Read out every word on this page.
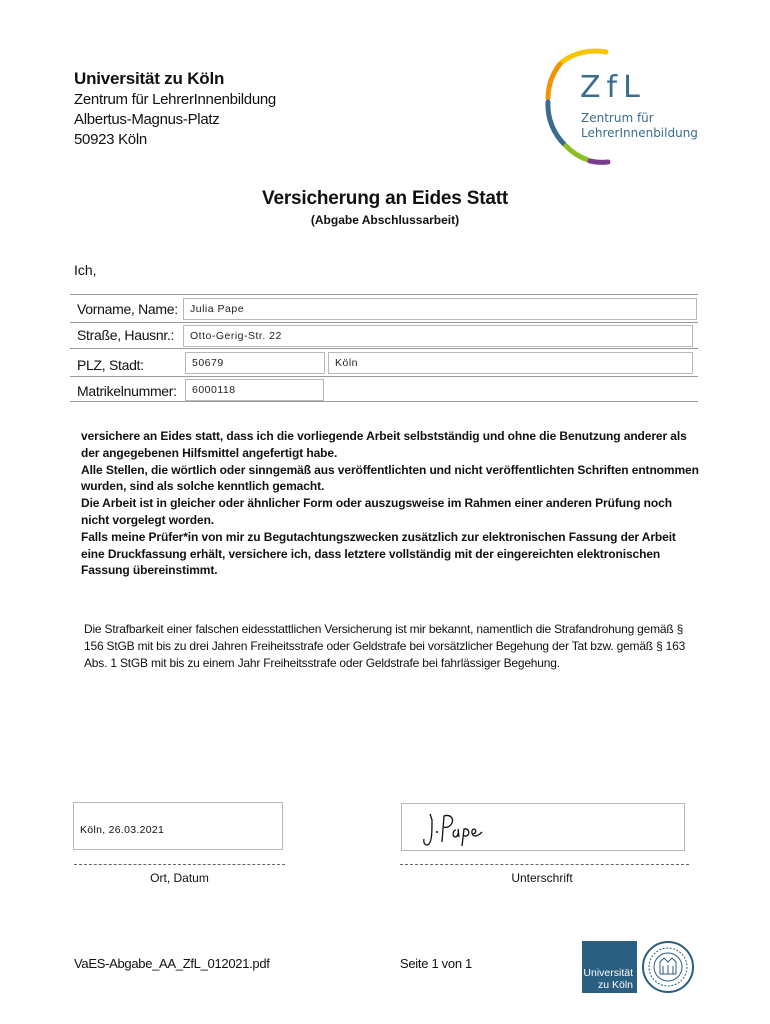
Universität zu Köln
Zentrum für LehrerInnenbildung
Albertus-Magnus-Platz
50923 Köln
ZfL
Zentrum für
LehrerInnenbildung
Versicherung an Eides Statt
(Abgabe Abschlussarbeit)
Ich,
Vorname, Name:	Julia Pape
Straße, Hausnr.:	Otto-Gerig-Str. 22
PLZ, Stadt:	50679	Köln
Matrikelnummer:	6000118

versichere an Eides statt, dass ich die vorliegende Arbeit selbstständig und ohne die Benutzung anderer als der angegebenen Hilfsmittel angefertigt habe.

Alle Stellen, die wörtlich oder sinngemäß aus veröffentlichten und nicht veröffentlichten Schriften entnommen wurden, sind als solche kenntlich gemacht.

Die Arbeit ist in gleicher oder ähnlicher Form oder auszugsweise im Rahmen einer anderen Prüfung noch nicht vorgelegt worden.

Falls meine Prüfer*in von mir zu Begutachtungszwecken zusätzlich zur elektronischen Fassung der Arbeit eine Druckfassung erhält, versichere ich, dass letztere vollständig mit der eingereichten elektronischen Fassung übereinstimmt.

Die Strafbarkeit einer falschen eidesstattlichen Versicherung ist mir bekannt, namentlich die Strafandrohung gemäß § 156 StGB mit bis zu drei Jahren Freiheitsstrafe oder Geldstrafe bei vorsätzlicher Begehung der Tat bzw. gemäß § 163 Abs. 1 StGB mit bis zu einem Jahr Freiheitsstrafe oder Geldstrafe bei fahrlässiger Begehung.
Köln, 26.03.2021
Ort, Datum	Unterschrift
VaES-Abgabe_AA_ZfL_012021.pdf	Seite 1 von 1
Universität
zu Köln
